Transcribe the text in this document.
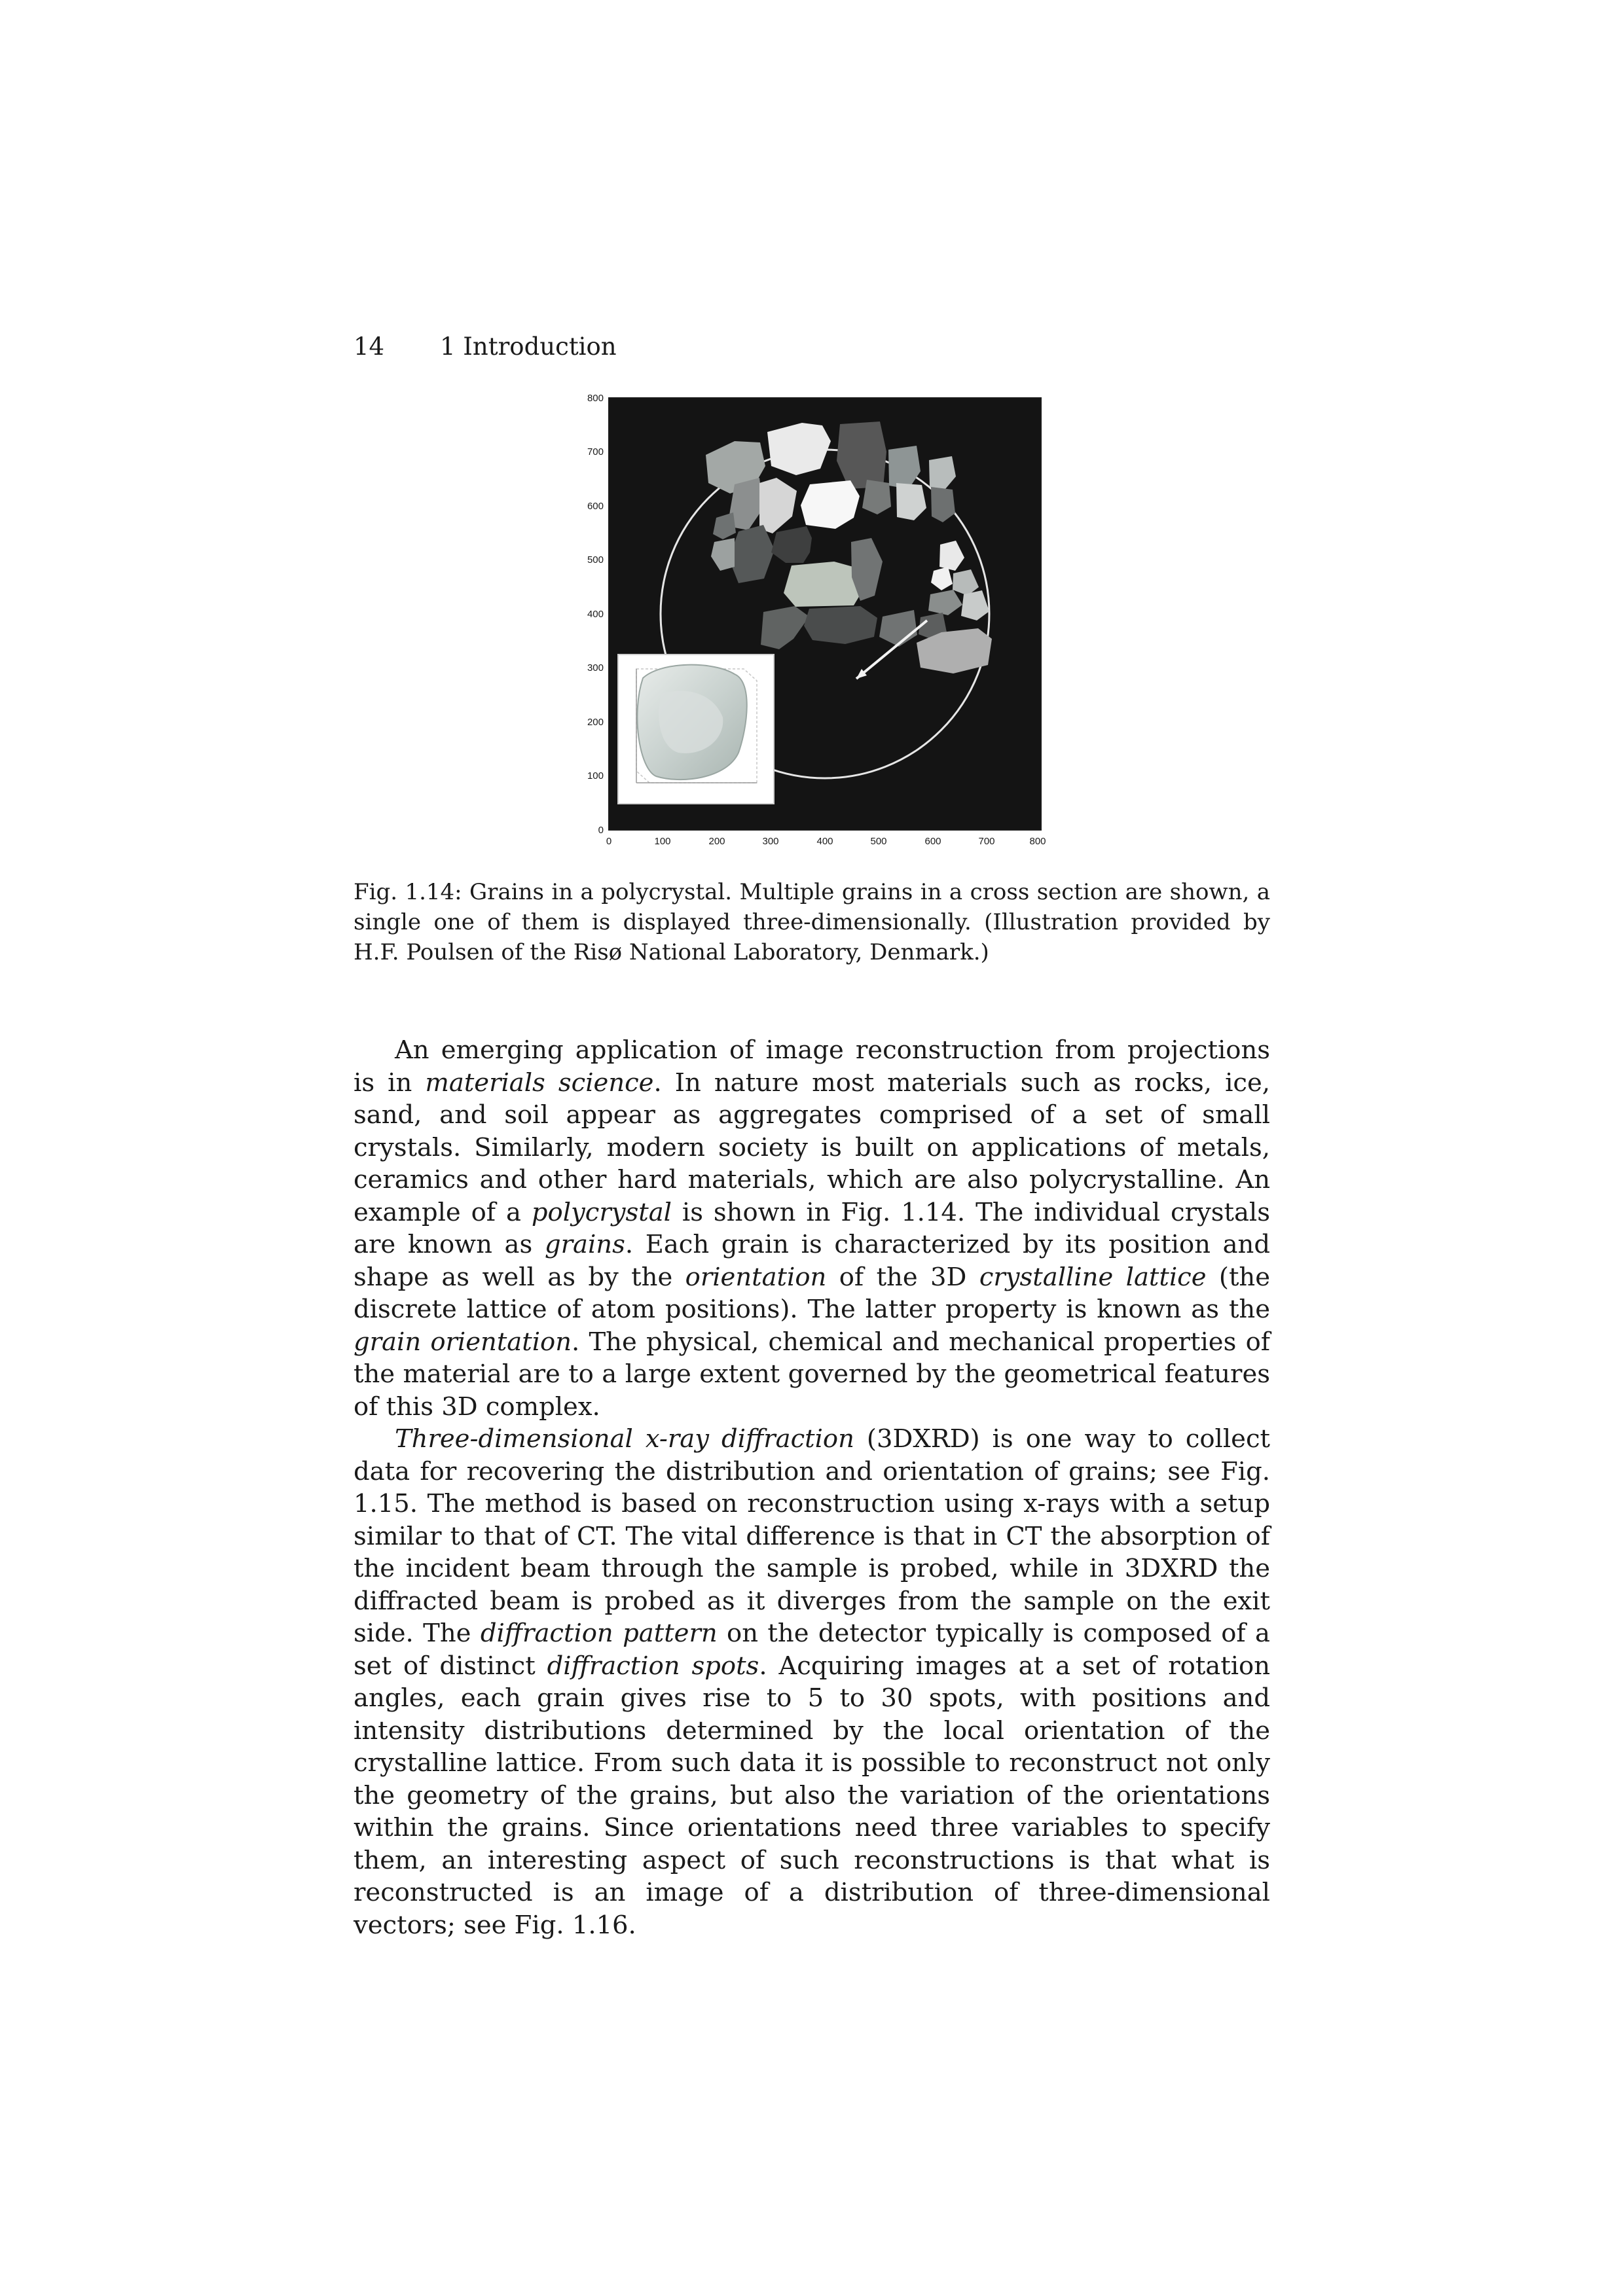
14 1 Introduction
800
700
600
500
400
300
200
100
0
0	100	200	300	400	500	600	700	800
Fig. 1.14: Grains in a polycrystal. Multiple grains in a cross section are shown, a single one of them is displayed three-dimensionally. (Illustration provided by H.F. Poulsen of the Risø National Laboratory, Denmark.)

An emerging application of image reconstruction from projections is in materials science. In nature most materials such as rocks, ice, sand, and soil appear as aggregates comprised of a set of small crystals. Similarly, modern society is built on applications of metals, ceramics and other hard materials, which are also polycrystalline. An example of a polycrystal is shown in Fig. 1.14. The individual crystals are known as grains. Each grain is characterized by its position and shape as well as by the orientation of the 3D crystalline lattice (the discrete lattice of atom positions). The latter property is known as the grain orientation. The physical, chemical and mechanical properties of the material are to a large extent governed by the geometrical features of this 3D complex.

Three-dimensional x-ray diffraction (3DXRD) is one way to collect data for recovering the distribution and orientation of grains; see Fig. 1.15. The method is based on reconstruction using x-rays with a setup similar to that of CT. The vital difference is that in CT the absorption of the incident beam through the sample is probed, while in 3DXRD the diffracted beam is probed as it diverges from the sample on the exit side. The diffraction pattern on the detector typically is composed of a set of distinct diffraction spots. Acquiring images at a set of rotation angles, each grain gives rise to 5 to 30 spots, with positions and intensity distributions determined by the local orientation of the crystalline lattice. From such data it is possible to reconstruct not only the geometry of the grains, but also the variation of the orientations within the grains. Since orientations need three variables to specify them, an interesting aspect of such reconstructions is that what is reconstructed is an image of a distribution of three-dimensional vectors; see Fig. 1.16.
